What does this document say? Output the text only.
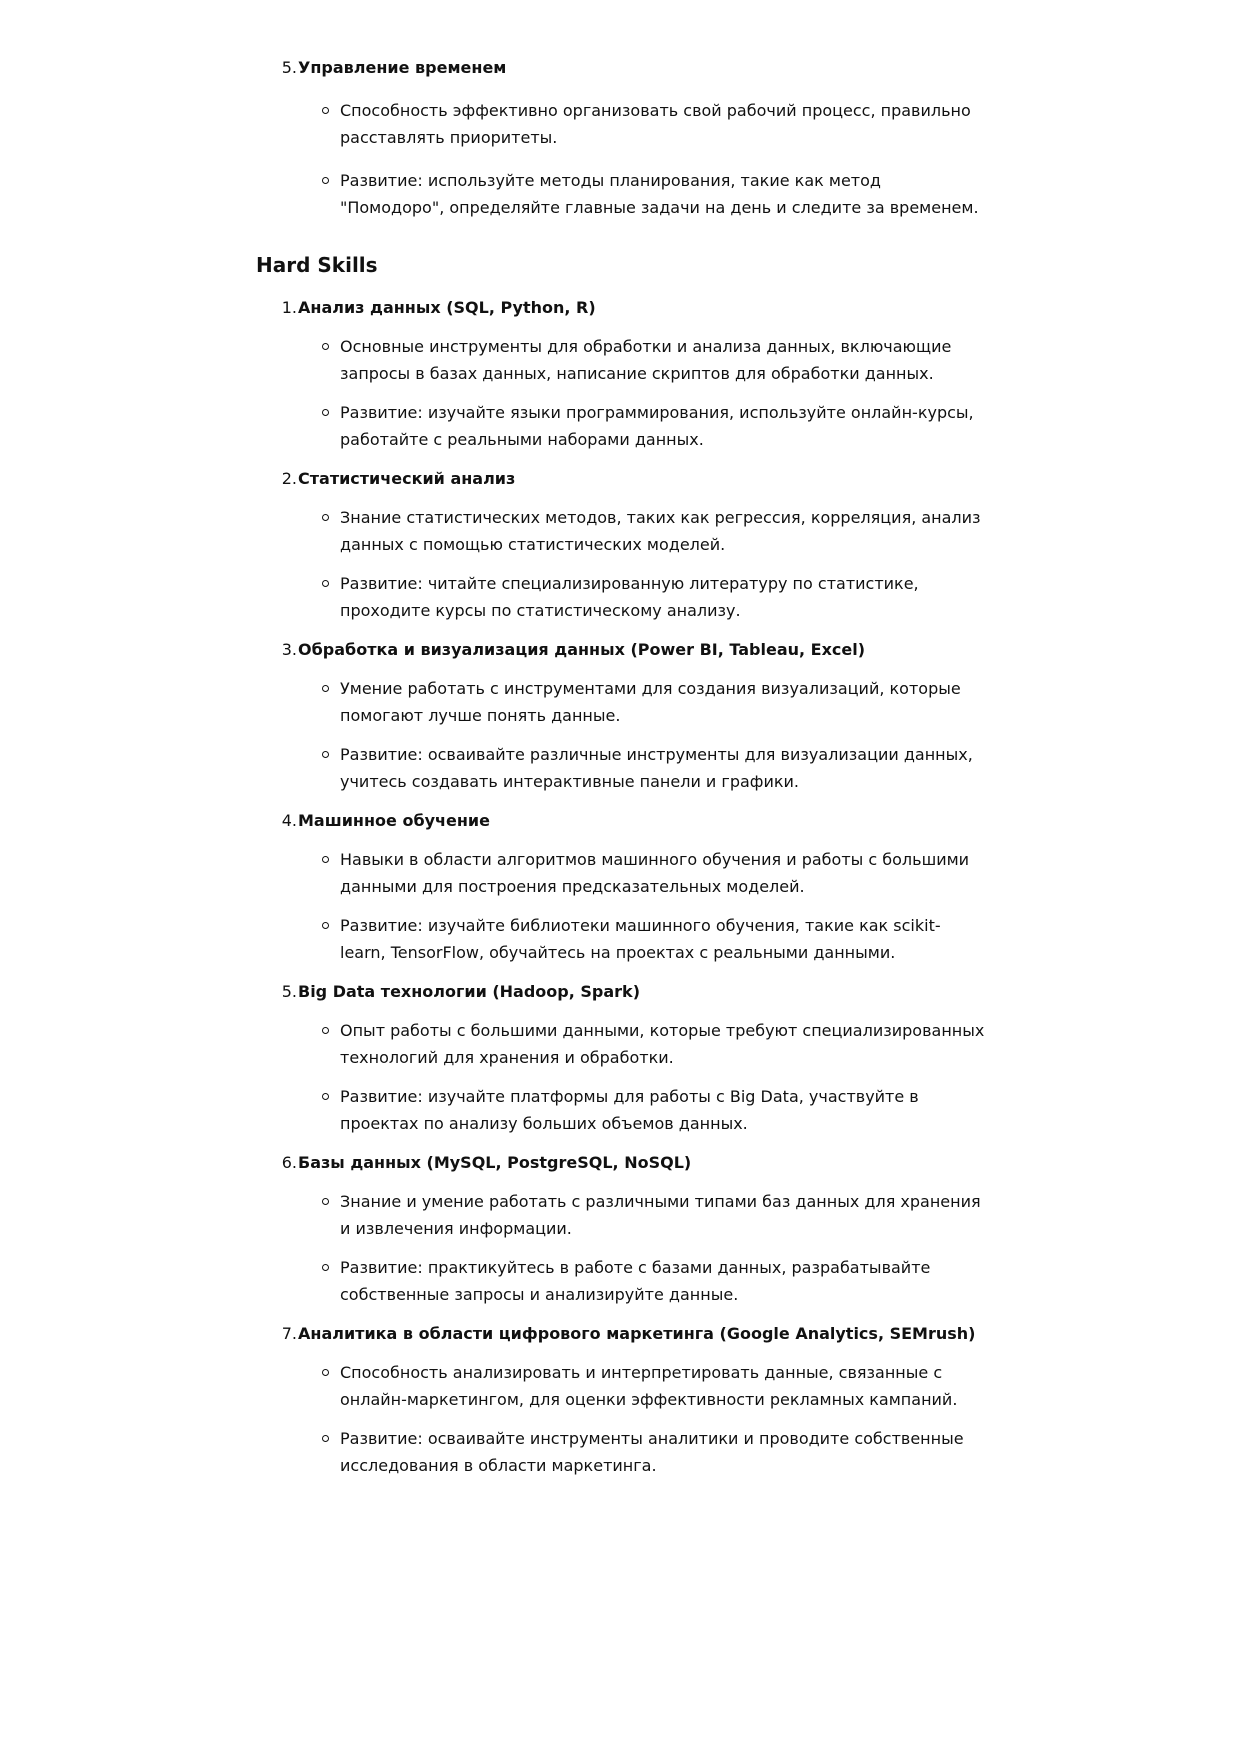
5. Управление временем
Способность эффективно организовать свой рабочий процесс, правильно расставлять приоритеты.
Развитие: используйте методы планирования, такие как метод "Помодоро", определяйте главные задачи на день и следите за временем.
Hard Skills
1. Анализ данных (SQL, Python, R)
Основные инструменты для обработки и анализа данных, включающие запросы в базах данных, написание скриптов для обработки данных.
Развитие: изучайте языки программирования, используйте онлайн-курсы, работайте с реальными наборами данных.
2. Статистический анализ
Знание статистических методов, таких как регрессия, корреляция, анализ данных с помощью статистических моделей.
Развитие: читайте специализированную литературу по статистике, проходите курсы по статистическому анализу.
3. Обработка и визуализация данных (Power BI, Tableau, Excel)
Умение работать с инструментами для создания визуализаций, которые помогают лучше понять данные.
Развитие: осваивайте различные инструменты для визуализации данных, учитесь создавать интерактивные панели и графики.
4. Машинное обучение
Навыки в области алгоритмов машинного обучения и работы с большими данными для построения предсказательных моделей.
Развитие: изучайте библиотеки машинного обучения, такие как scikit-learn, TensorFlow, обучайтесь на проектах с реальными данными.
5. Big Data технологии (Hadoop, Spark)
Опыт работы с большими данными, которые требуют специализированных технологий для хранения и обработки.
Развитие: изучайте платформы для работы с Big Data, участвуйте в проектах по анализу больших объемов данных.
6. Базы данных (MySQL, PostgreSQL, NoSQL)
Знание и умение работать с различными типами баз данных для хранения и извлечения информации.
Развитие: практикуйтесь в работе с базами данных, разрабатывайте собственные запросы и анализируйте данные.
7. Аналитика в области цифрового маркетинга (Google Analytics, SEMrush)
Способность анализировать и интерпретировать данные, связанные с онлайн-маркетингом, для оценки эффективности рекламных кампаний.
Развитие: осваивайте инструменты аналитики и проводите собственные исследования в области маркетинга.
